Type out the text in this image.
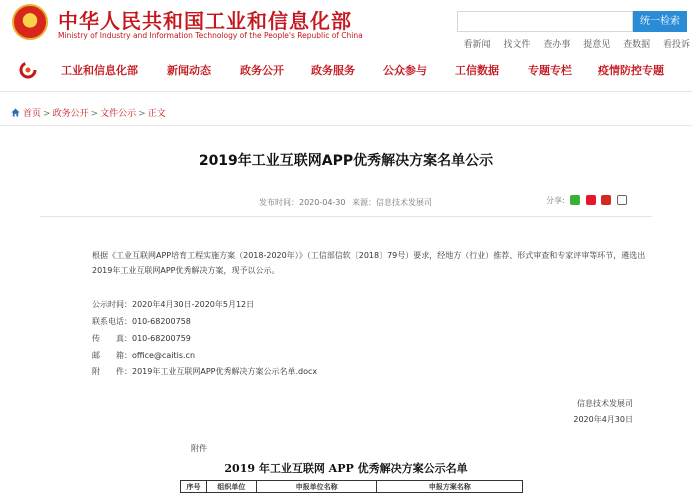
★ 中华人民共和国工业和信息化部
Ministry of Industry and Information Technology of the People's Republic of China
统一检索
看新闻 找文件 查办事 提意见 查数据 看投诉
工业和信息化部	新闻动态	政务公开 政务服务	公众参与	工信数据	专题专栏 疫情防控专题
首页 > 政务公开 > 文件公示 > 正文
2019年工业互联网APP优秀解决方案名单公示
发布时间：2020-04-30 来源：信息技术发展司	分享:
根据《工业互联网APP培育工程实施方案（2018-2020年）》（工信部信软〔2018〕79号）要求，经地方（行业）推荐、形式审查和专家评审等环节，遴选出2019年工业互联网APP优秀解决方案，现予以公示。
公示时间：2020年4月30日-2020年5月12日
联系电话：010-68200758
传　　真：010-68200759
邮　　箱：office@caitis.cn
附　　件：2019年工业互联网APP优秀解决方案公示名单.docx
信息技术发展司
2020年4月30日
附件
2019 年工业互联网 APP 优秀解决方案公示名单
序号	组织单位	申报单位名称	申报方案名称
